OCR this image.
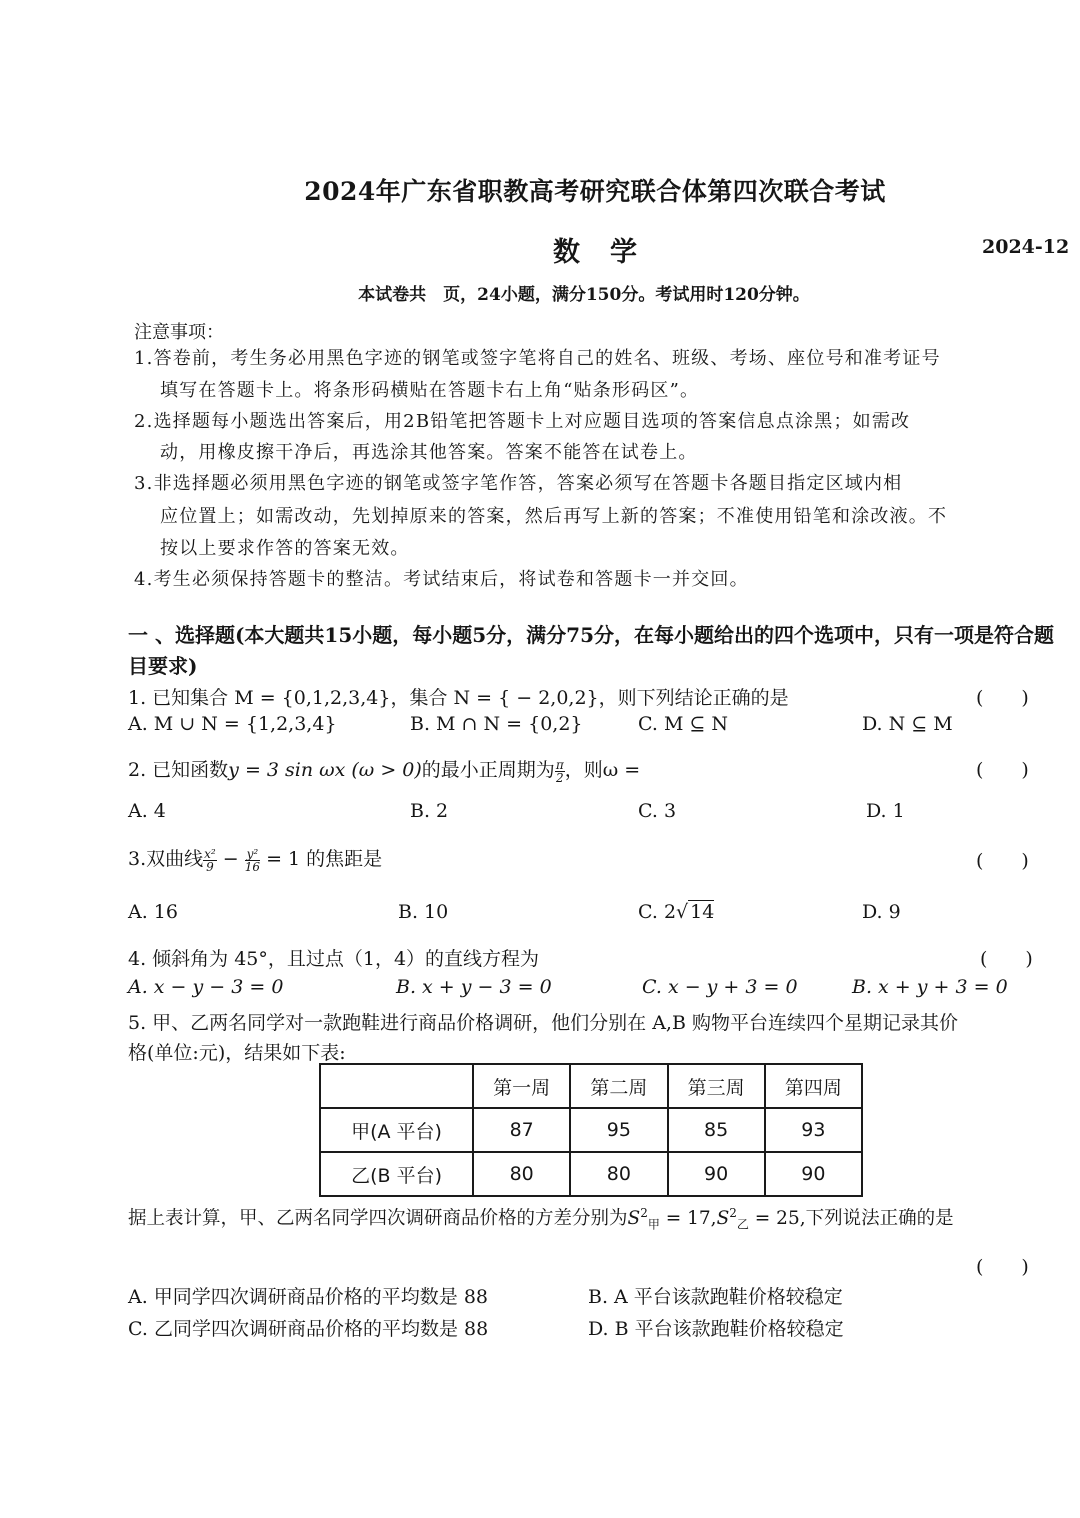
2024年广东省职教高考研究联合体第四次联合考试
数学	2024-12
本试卷共　页，24小题，满分150分。考试用时120分钟。
注意事项：
1.答卷前，考生务必用黑色字迹的钢笔或签字笔将自己的姓名、班级、考场、座位号和准考证号
填写在答题卡上。将条形码横贴在答题卡右上角“贴条形码区”。
2.选择题每小题选出答案后，用2B铅笔把答题卡上对应题目选项的答案信息点涂黑；如需改
动，用橡皮擦干净后，再选涂其他答案。答案不能答在试卷上。
3.非选择题必须用黑色字迹的钢笔或签字笔作答，答案必须写在答题卡各题目指定区域内相
应位置上；如需改动，先划掉原来的答案，然后再写上新的答案；不准使用铅笔和涂改液。不
按以上要求作答的答案无效。
4.考生必须保持答题卡的整洁。考试结束后，将试卷和答题卡一并交回。
一 、选择题(本大题共15小题，每小题5分，满分75分，在每小题给出的四个选项中，只有一项是符合题目要求)
1. 已知集合 M = {0,1,2,3,4}，集合 N = { − 2,0,2}，则下列结论正确的是	(　　)
A. M ∪ N = {1,2,3,4}	B. M ∩ N = {0,2}	C. M ⊆ N	D. N ⊆ M
2. 已知函数y = 3 sin ωx (ω > 0)的最小正周期为 $\frac{\pi}{2}$ ，则ω =	(　　)
A. 4	B. 2	C. 3	D. 1
3.双曲线 $\frac{\text{x²}}{9} - \frac{\text{y²}}{16} = 1$ 的焦距是	(　　)
A. 16	B. 10	C. 2√ 14	D. 9
4. 倾斜角为 45°，且过点（1，4）的直线方程为	(　　)
A. x − y − 3 = 0	B. x + y − 3 = 0	C. x − y + 3 = 0	B. x + y + 3 = 0
5. 甲、乙两名同学对一款跑鞋进行商品价格调研，他们分别在 A,B 购物平台连续四个星期记录其价
格(单位:元)，结果如下表:
	第一周	第二周	第三周	第四周
甲(A 平台)	87	95	85	93
乙(B 平台)	80	80	90	90
据上表计算，甲、乙两名同学四次调研商品价格的方差分别为$S^2_甲 = 17,S^2_乙 = 25$,下列说法正确的是
(　　)
A. 甲同学四次调研商品价格的平均数是 88	B. A 平台该款跑鞋价格较稳定
C. 乙同学四次调研商品价格的平均数是 88	D. B 平台该款跑鞋价格较稳定
